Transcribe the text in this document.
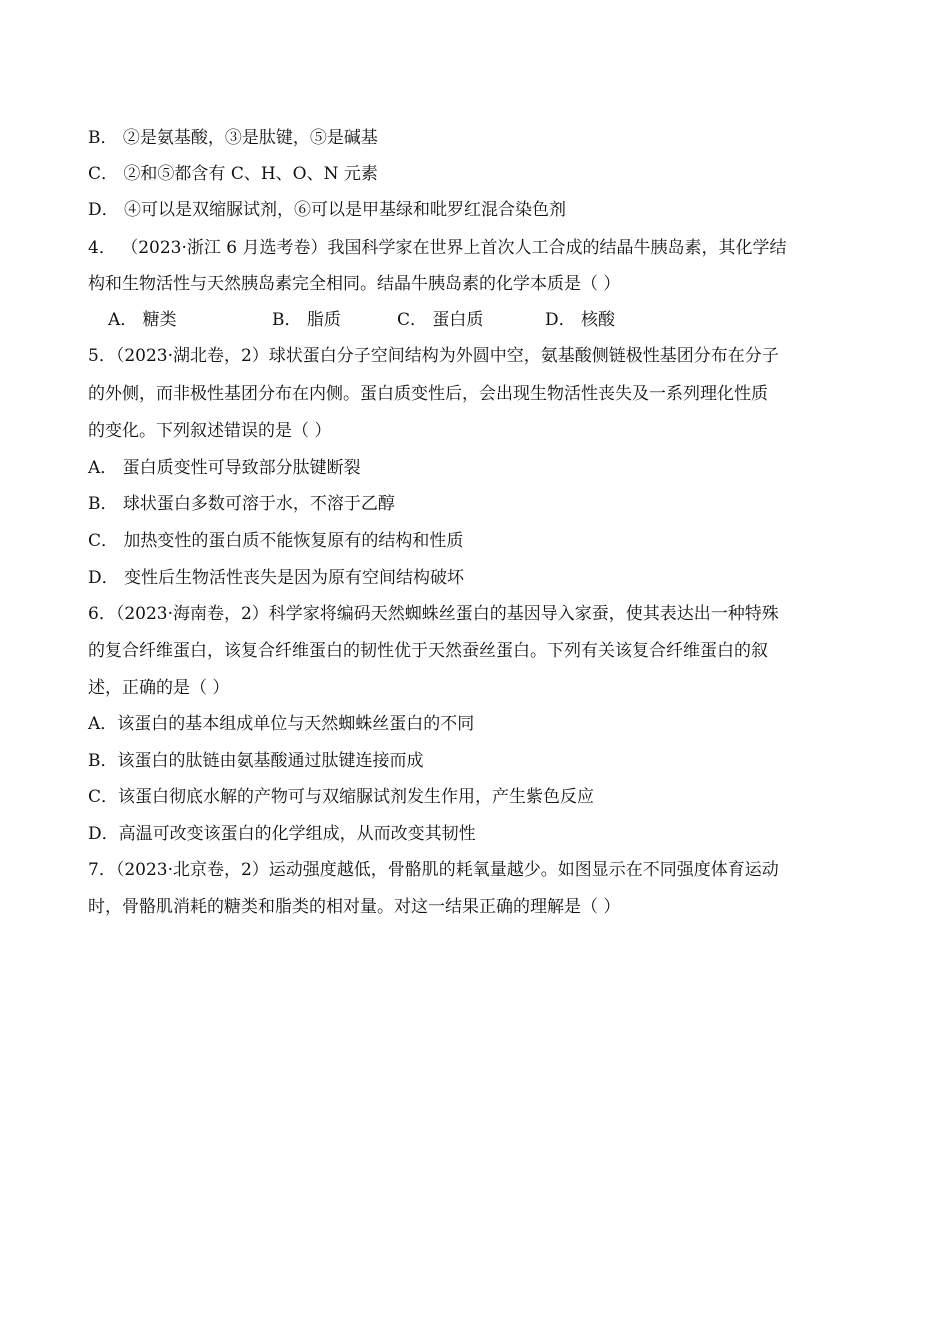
B． ②是氨基酸，③是肽键，⑤是碱基
C． ②和⑤都含有 C、H、O、N 元素
D． ④可以是双缩脲试剂，⑥可以是甲基绿和吡罗红混合染色剂
4． （2023·浙江 6 月选考卷）我国科学家在世界上首次人工合成的结晶牛胰岛素，其化学结
构和生物活性与天然胰岛素完全相同。结晶牛胰岛素的化学本质是（ ）
A． 糖类	B． 脂质	C． 蛋白质	D． 核酸
5．（2023·湖北卷，2）球状蛋白分子空间结构为外圆中空，氨基酸侧链极性基团分布在分子
的外侧，而非极性基团分布在内侧。蛋白质变性后，会出现生物活性丧失及一系列理化性质
的变化。下列叙述错误的是（ ）
A． 蛋白质变性可导致部分肽键断裂
B． 球状蛋白多数可溶于水，不溶于乙醇
C． 加热变性的蛋白质不能恢复原有的结构和性质
D． 变性后生物活性丧失是因为原有空间结构破坏
6．（2023·海南卷，2）科学家将编码天然蜘蛛丝蛋白的基因导入家蚕，使其表达出一种特殊
的复合纤维蛋白，该复合纤维蛋白的韧性优于天然蚕丝蛋白。下列有关该复合纤维蛋白的叙
述，正确的是（ ）
A．该蛋白的基本组成单位与天然蜘蛛丝蛋白的不同
B．该蛋白的肽链由氨基酸通过肽键连接而成
C．该蛋白彻底水解的产物可与双缩脲试剂发生作用，产生紫色反应
D．高温可改变该蛋白的化学组成，从而改变其韧性
7．（2023·北京卷，2）运动强度越低，骨骼肌的耗氧量越少。如图显示在不同强度体育运动
时，骨骼肌消耗的糖类和脂类的相对量。对这一结果正确的理解是（ ）
